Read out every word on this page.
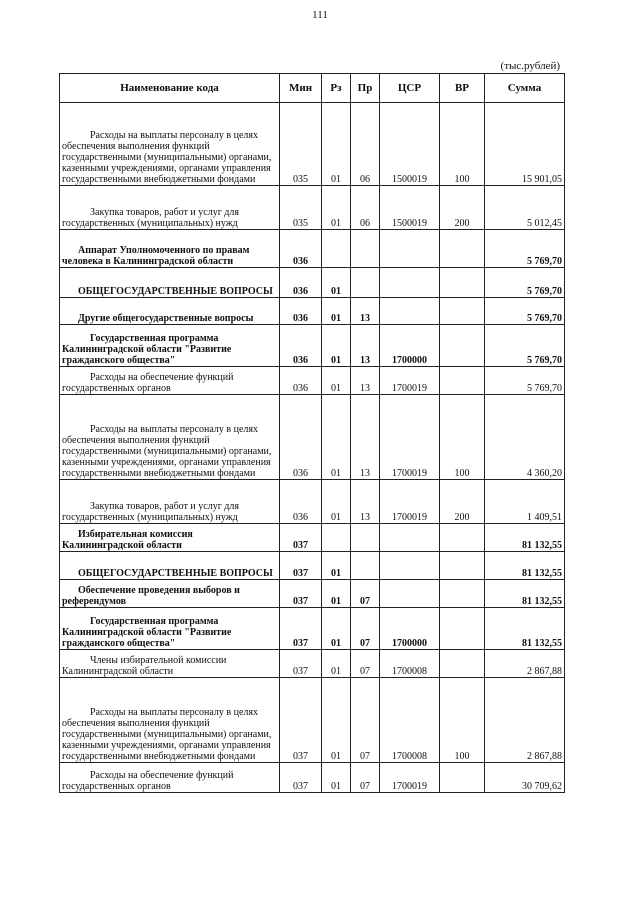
111
(тыс.рублей)
Наименование кода	Мин	Рз	Пр	ЦСР	ВР	Сумма

Расходы на выплаты персоналу в целях обеспечения выполнения функций государственными (муниципальными) органами, казенными учреждениями, органами управления государственными внебюджетными фондами	035	01	06	1500019	100	15 901,05

Закупка товаров, работ и услуг для государственных (муниципальных) нужд	035	01	06	1500019	200	5 012,45

Аппарат Уполномоченного по правам человека в Калининградской области	036					5 769,70

ОБЩЕГОСУДАРСТВЕННЫЕ ВОПРОСЫ	036	01				5 769,70

Другие общегосударственные вопросы	036	01	13			5 769,70

Государственная программа Калининградской области "Развитие гражданского общества"	036	01	13	1700000		5 769,70

Расходы на обеспечение функций государственных органов	036	01	13	1700019		5 769,70

Расходы на выплаты персоналу в целях обеспечения выполнения функций государственными (муниципальными) органами, казенными учреждениями, органами управления государственными внебюджетными фондами	036	01	13	1700019	100	4 360,20

Закупка товаров, работ и услуг для государственных (муниципальных) нужд	036	01	13	1700019	200	1 409,51

Избирательная комиссия Калининградской области	037					81 132,55

ОБЩЕГОСУДАРСТВЕННЫЕ ВОПРОСЫ	037	01				81 132,55

Обеспечение проведения выборов и референдумов	037	01	07			81 132,55

Государственная программа Калининградской области "Развитие гражданского общества"	037	01	07	1700000		81 132,55

Члены избирательной комиссии Калининградской области	037	01	07	1700008		2 867,88

Расходы на выплаты персоналу в целях обеспечения выполнения функций государственными (муниципальными) органами, казенными учреждениями, органами управления государственными внебюджетными фондами	037	01	07	1700008	100	2 867,88

Расходы на обеспечение функций государственных органов	037	01	07	1700019		30 709,62
